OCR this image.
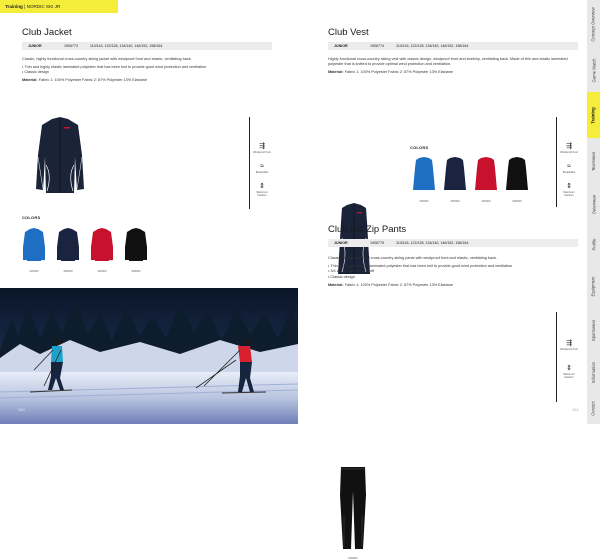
Training | NORDIC SKI JR
Club Jacket
JUNIOR	1906773	110/116, 122/128, 134/140, 146/152, 158/164

Classic, highly functional cross-country skiing jacket with windproof front and elastic, ventilating back.

• Thin and highly elastic laminated polyester that has been knit to provide good wind protection and ventilation
• Classic design

Material: Fabric 1: 100% Polyester Fabric 2: 87% Polyester 13% Elastane

⇶
Windproof front
≈
Breathable
⇕
Maximum freedom
COLORS
336000	395000	430000	999000
160
Club Vest
JUNIOR	1906774	110/116, 122/128, 134/140, 146/152, 158/164

Highly functional cross-country skiing vest with classic design, windproof front and stretchy, ventilating back. Made of thin and elastic laminated polyester that is knitted to provide optimal wind protection and ventilation.

Material: Fabric 1: 100% Polyester Fabric 2: 87% Polyester 13% Elastane

COLORS
336000	395000	430000	999000
⇶
Windproof front
≈
Breathable
⇕
Maximum freedom
Club 3/4 Zip Pants
JUNIOR	1906775	110/116, 122/128, 134/140, 146/152, 158/164

Classic, highly functional cross-country skiing pants with windproof front and elastic, ventilating back.

• Thin and highly elastic laminated polyester that has been knit to provide good wind protection and ventilation
• 3/4 zip for easy on and off
• Classic design

Material: Fabric 1: 100% Polyester Fabric 2: 87% Polyester 13% Elastane

999000
⇶
Windproof front
⇕
Maximum freedom
161
Concept Overview
Game Match
Training
Teamwear
Outerwear
Profile
Equipment
Sportswear
Information
Contact
